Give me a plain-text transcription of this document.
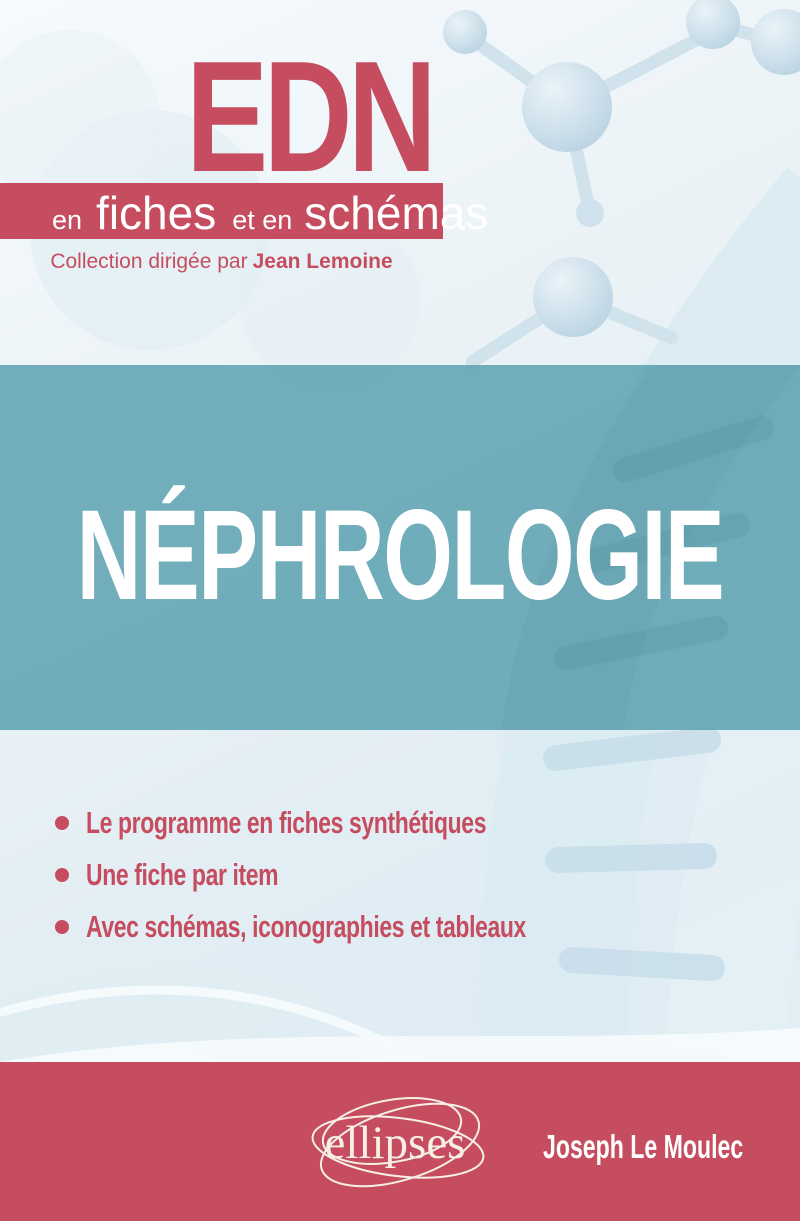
EDN
en fiches et en schémas
Collection dirigée par Jean Lemoine
NÉPHROLOGIE
Le programme en fiches synthétiques
Une fiche par item
Avec schémas, iconographies et tableaux
ellipses Joseph Le Moulec
